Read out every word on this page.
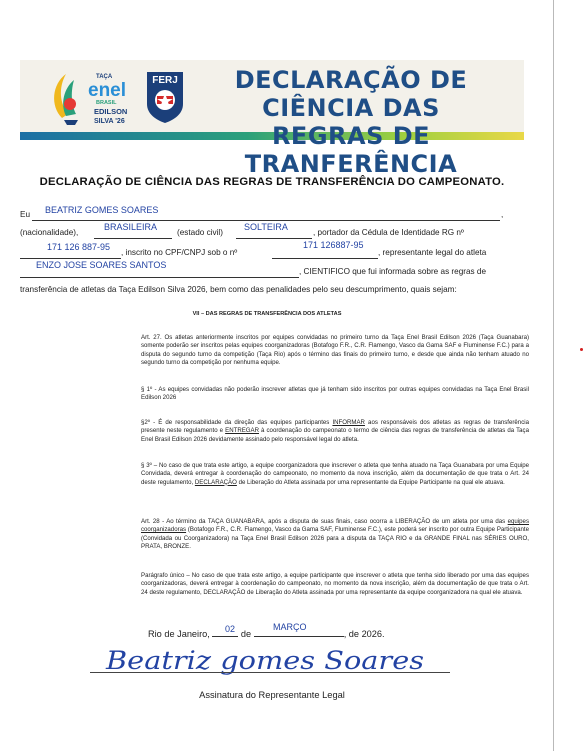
TAÇA
enel
BRASIL
EDILSON
SILVA '26
FERJ	DECLARAÇÃO DE CIÊNCIA DAS
REGRAS DE TRANFERÊNCIA
DECLARAÇÃO DE CIÊNCIA DAS REGRAS DE TRANSFERÊNCIA DO CAMPEONATO.
Eu	,
BEATRIZ GOMES SOARES
(nacionalidade),	(estado civil)	, portador da Cédula de Identidade RG nº
BRASILEIRA	SOLTEIRA
, inscrito no CPF/CNPJ sob o nº	, representante legal do atleta
171 126 887-95	171 126887-95
, CIENTIFICO que fui informada sobre as regras de
ENZO JOSE SOARES SANTOS
transferência de atletas da Taça Edilson Silva 2026, bem como das penalidades pelo seu descumprimento, quais sejam:
VII – DAS REGRAS DE TRANSFERÊNCIA DOS ATLETAS
Art. 27. Os atletas anteriormente inscritos por equipes convidadas no primeiro turno da Taça Enel Brasil Edilson 2026 (Taça Guanabara) somente poderão ser inscritos pelas equipes coorganizadoras (Botafogo F.R., C.R. Flamengo, Vasco da Gama SAF e Fluminense F.C.) para a disputa do segundo turno da competição (Taça Rio) após o término das finais do primeiro turno, e desde que ainda não tenham atuado no segundo turno da competição por nenhuma equipe.
§ 1º - As equipes convidadas não poderão inscrever atletas que já tenham sido inscritos por outras equipes convidadas na Taça Enel Brasil Edilson 2026
§2º - É de responsabilidade da direção das equipes participantes INFORMAR aos responsáveis dos atletas as regras de transferência presente neste regulamento e ENTREGAR à coordenação do campeonato o termo de ciência das regras de transferência de atletas da Taça Enel Brasil Edilson 2026 devidamente assinado pelo responsável legal do atleta.
§ 3º – No caso de que trata este artigo, a equipe coorganizadora que inscrever o atleta que tenha atuado na Taça Guanabara por uma Equipe Convidada, deverá entregar à coordenação do campeonato, no momento da nova inscrição, além da documentação de que trata o Art. 24 deste regulamento, DECLARAÇÃO de Liberação do Atleta assinada por uma representante da Equipe Participante na qual ele atuava.
Art. 28 - Ao término da TAÇA GUANABARA, após a disputa de suas finais, caso ocorra a LIBERAÇÃO de um atleta por uma das equipes coorganizadoras (Botafogo F.R., C.R. Flamengo, Vasco da Gama SAF, Fluminense F.C.), este poderá ser inscrito por outra Equipe Participante (Convidada ou Coorganizadora) na Taça Enel Brasil Edilson 2026 para a disputa da TAÇA RIO e da GRANDE FINAL nas SÉRIES OURO, PRATA, BRONZE.
Parágrafo único – No caso de que trata este artigo, a equipe participante que inscrever o atleta que tenha sido liberado por uma das equipes coorganizadoras, deverá entregar à coordenação do campeonato, no momento da nova inscrição, além da documentação de que trata o Art. 24 deste regulamento, DECLARAÇÃO de Liberação do Atleta assinada por uma representante da equipe coorganizadora na qual ele atuava.
Rio de Janeiro,	de	, de 2026.
02	MARÇO
Beatriz gomes Soares
Assinatura do Representante Legal
